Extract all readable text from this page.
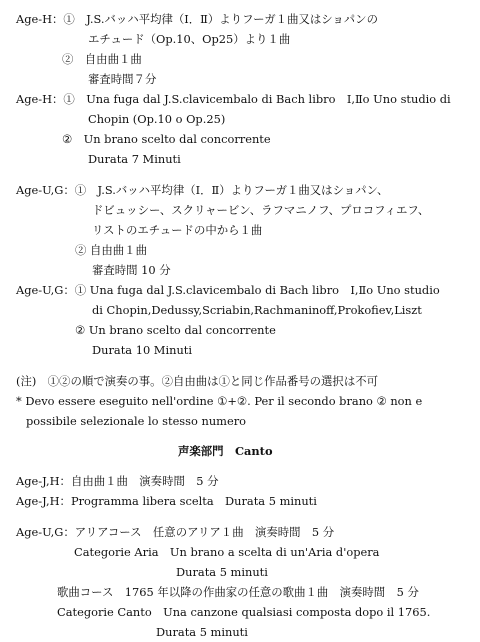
Age-H：①　J.S.バッハ平均律（Ⅰ．Ⅱ）よりフーガ１曲又はショパンの
エチュード（Op.10、Op25）より１曲
②　自由曲１曲
審査時間７分
Age-H：①　Una fuga dal J.S.clavicembalo di Bach libro　Ⅰ,Ⅱo Uno studio di
Chopin (Op.10 o Op.25)
②　Un brano scelto dal concorrente
Durata 7 Minuti
Age-U,G：①　J.S.バッハ平均律（Ⅰ．Ⅱ）よりフーガ１曲又はショパン、
ドビュッシー、スクリャービン、ラフマニノフ、プロコフィエフ、
リストのエチュードの中から１曲
② 自由曲１曲
審査時間 10 分
Age-U,G：① Una fuga dal J.S.clavicembalo di Bach libro　Ⅰ,Ⅱo Uno studio
di Chopin,Dedussy,Scriabin,Rachmaninoff,Prokofiev,Liszt
② Un brano scelto dal concorrente
Durata 10 Minuti
(注)　①②の順で演奏の事。②自由曲は①と同じ作品番号の選択は不可
* Devo essere eseguito nell'ordine ①+②. Per il secondo brano ② non e
possibile selezionale lo stesso numero
声楽部門　Canto
Age-J,H：自由曲１曲　演奏時間　5 分
Age-J,H：Programma libera scelta　Durata 5 minuti
Age-U,G：アリアコース　任意のアリア１曲　演奏時間　5 分
Categorie Aria　Un brano a scelta di un'Aria d'opera
Durata 5 minuti
歌曲コース　1765 年以降の作曲家の任意の歌曲１曲　演奏時間　5 分
Categorie Canto　Una canzone qualsiasi composta dopo il 1765.
Durata 5 minuti
